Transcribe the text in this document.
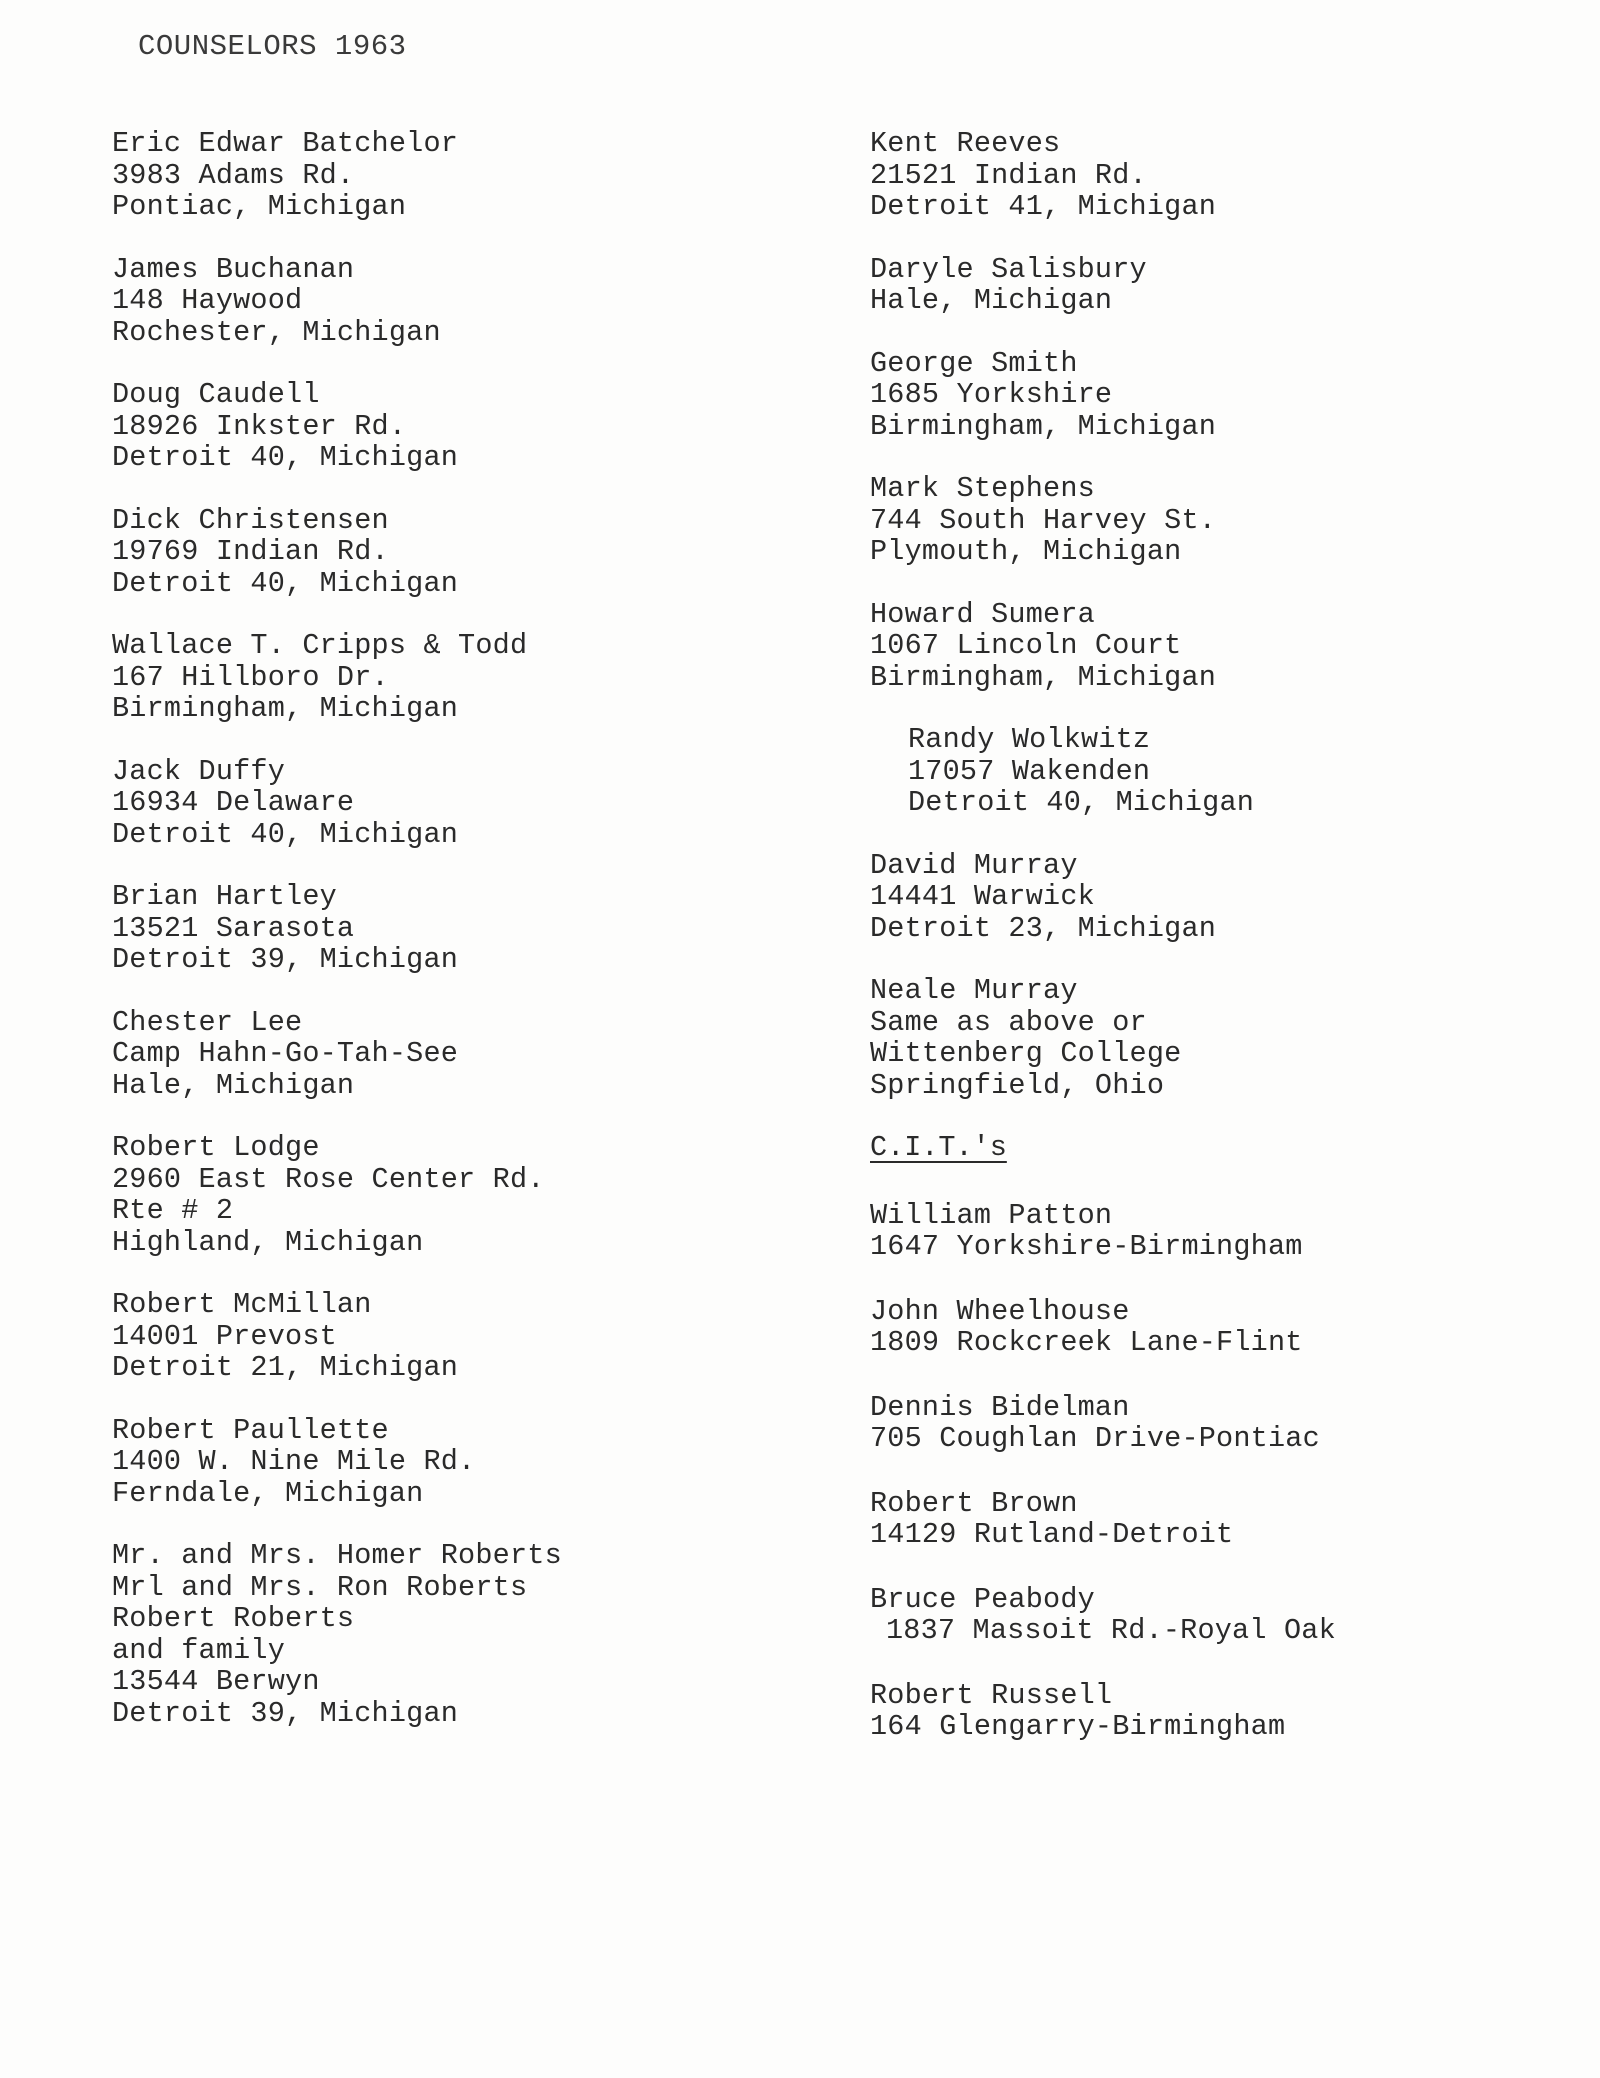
COUNSELORS 1963
Eric Edwar Batchelor
3983 Adams Rd.
Pontiac, Michigan
James Buchanan
148 Haywood
Rochester, Michigan
Doug Caudell
18926 Inkster Rd.
Detroit 40, Michigan
Dick Christensen
19769 Indian Rd.
Detroit 40, Michigan
Wallace T. Cripps & Todd
167 Hillboro Dr.
Birmingham, Michigan
Jack Duffy
16934 Delaware
Detroit 40, Michigan
Brian Hartley
13521 Sarasota
Detroit 39, Michigan
Chester Lee
Camp Hahn-Go-Tah-See
Hale, Michigan
Robert Lodge
2960 East Rose Center Rd.
Rte # 2
Highland, Michigan
Robert McMillan
14001 Prevost
Detroit 21, Michigan
Robert Paullette
1400 W. Nine Mile Rd.
Ferndale, Michigan
Mr. and Mrs. Homer Roberts
Mrl and Mrs. Ron Roberts
Robert Roberts
and family
13544 Berwyn
Detroit 39, Michigan
Kent Reeves
21521 Indian Rd.
Detroit 41, Michigan
Daryle Salisbury
Hale, Michigan
George Smith
1685 Yorkshire
Birmingham, Michigan
Mark Stephens
744 South Harvey St.
Plymouth, Michigan
Howard Sumera
1067 Lincoln Court
Birmingham, Michigan
Randy Wolkwitz
17057 Wakenden
Detroit 40, Michigan
David Murray
14441 Warwick
Detroit 23, Michigan
Neale Murray
Same as above or
Wittenberg College
Springfield, Ohio
C.I.T.'s
William Patton
1647 Yorkshire-Birmingham
John Wheelhouse
1809 Rockcreek Lane-Flint
Dennis Bidelman
705 Coughlan Drive-Pontiac
Robert Brown
14129 Rutland-Detroit
Bruce Peabody
1837 Massoit Rd.-Royal Oak
Robert Russell
164 Glengarry-Birmingham
